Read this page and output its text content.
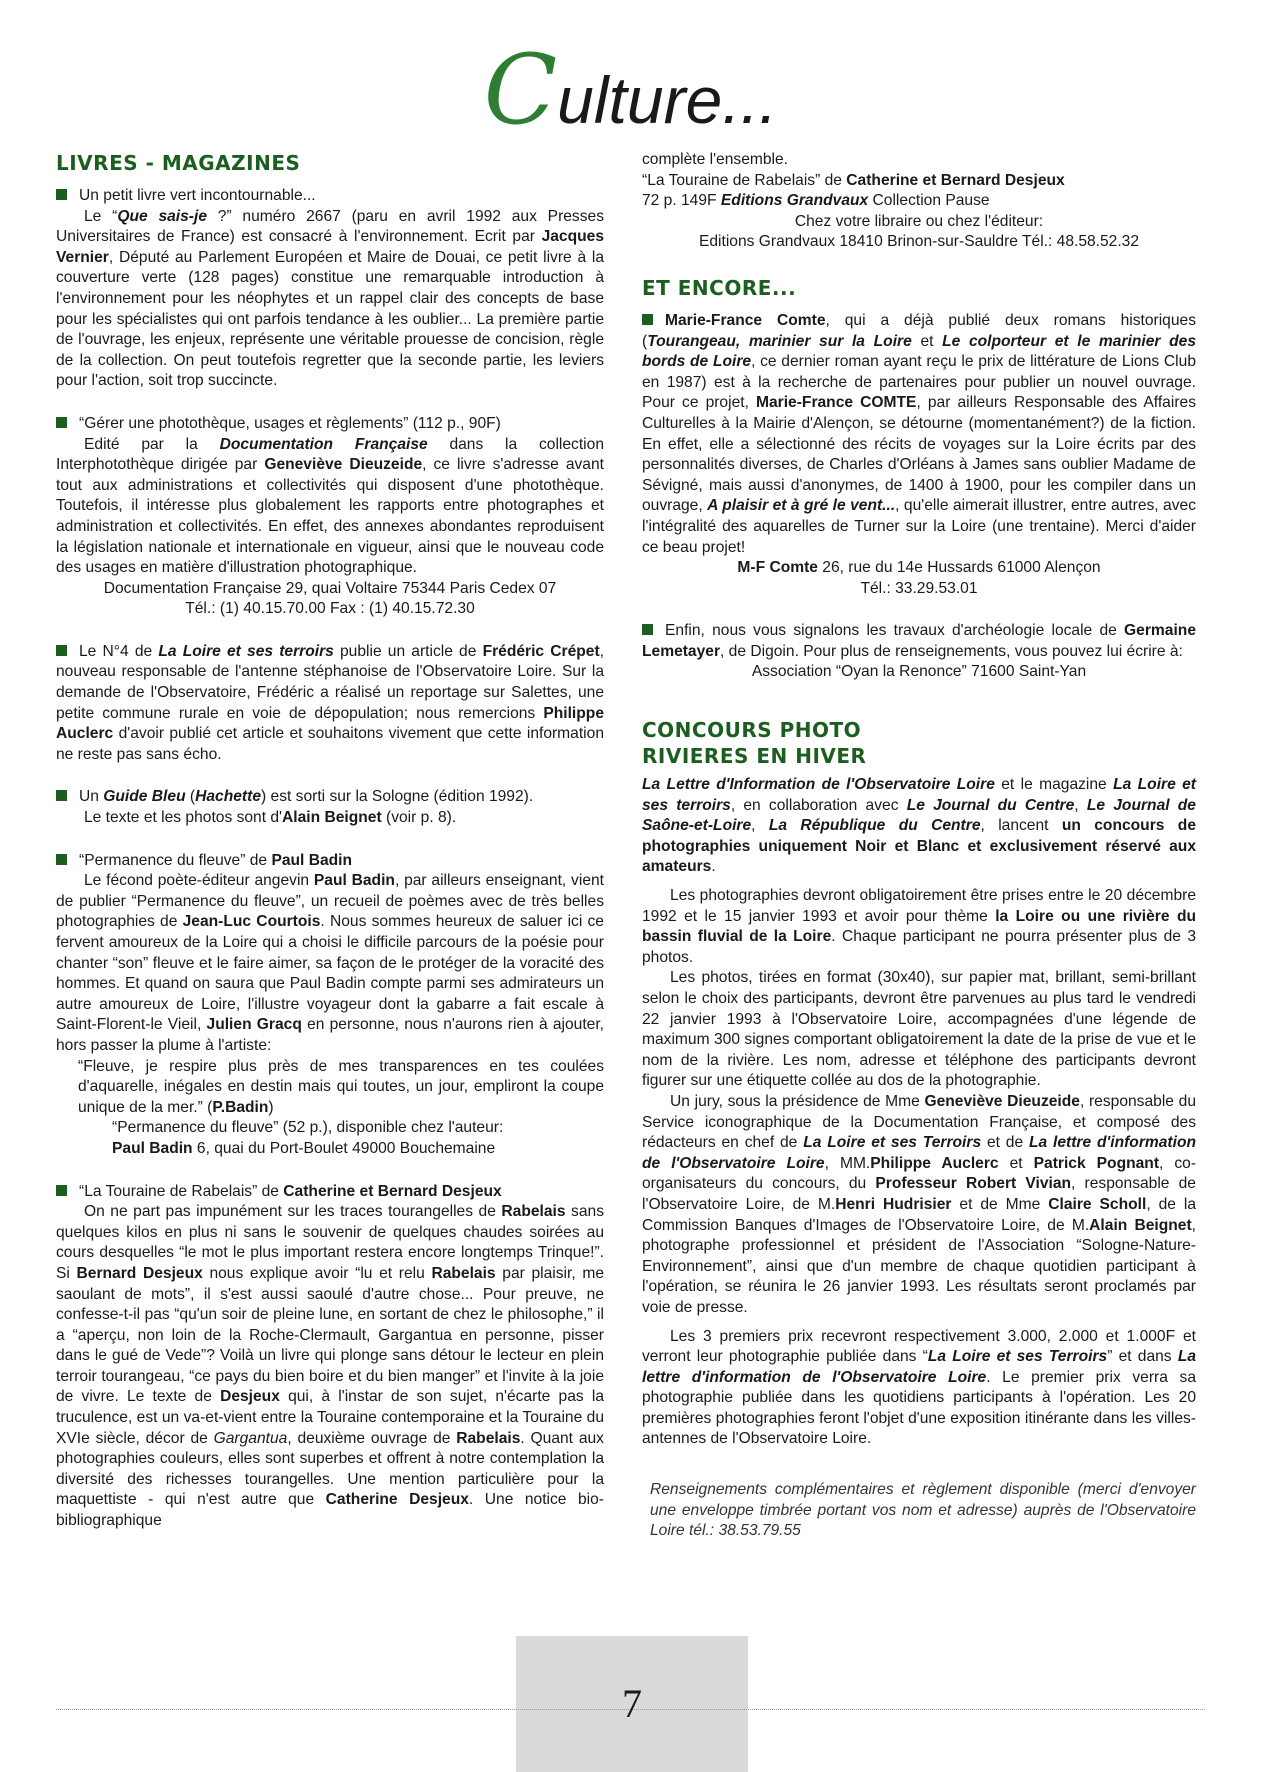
Culture...
LIVRES - MAGAZINES

Un petit livre vert incontournable...

Le “Que sais-je ?” numéro 2667 (paru en avril 1992 aux Presses Universitaires de France) est consacré à l'environnement. Ecrit par Jacques Vernier, Député au Parlement Européen et Maire de Douai, ce petit livre à la couverture verte (128 pages) constitue une remarquable introduction à l'environnement pour les néophytes et un rappel clair des concepts de base pour les spécialistes qui ont parfois tendance à les oublier... La première partie de l'ouvrage, les enjeux, représente une véritable prouesse de concision, règle de la collection. On peut toutefois regretter que la seconde partie, les leviers pour l'action, soit trop succincte.

“Gérer une photothèque, usages et règlements” (112 p., 90F)

Edité par la Documentation Française dans la collection Interphotothèque dirigée par Geneviève Dieuzeide, ce livre s'adresse avant tout aux administrations et collectivités qui disposent d'une photothèque. Toutefois, il intéresse plus globalement les rapports entre photographes et administration et collectivités. En effet, des annexes abondantes reproduisent la législation nationale et internationale en vigueur, ainsi que le nouveau code des usages en matière d'illustration photographique.

Documentation Française 29, quai Voltaire 75344 Paris Cedex 07

Tél.: (1) 40.15.70.00 Fax : (1) 40.15.72.30

Le N°4 de La Loire et ses terroirs publie un article de Frédéric Crépet, nouveau responsable de l'antenne stéphanoise de l'Observatoire Loire. Sur la demande de l'Observatoire, Frédéric a réalisé un reportage sur Salettes, une petite commune rurale en voie de dépopulation; nous remercions Philippe Auclerc d'avoir publié cet article et souhaitons vivement que cette information ne reste pas sans écho.

Un Guide Bleu (Hachette) est sorti sur la Sologne (édition 1992).

Le texte et les photos sont d'Alain Beignet (voir p. 8).

“Permanence du fleuve” de Paul Badin

Le fécond poète-éditeur angevin Paul Badin, par ailleurs enseignant, vient de publier “Permanence du fleuve”, un recueil de poèmes avec de très belles photographies de Jean-Luc Courtois. Nous sommes heureux de saluer ici ce fervent amoureux de la Loire qui a choisi le difficile parcours de la poésie pour chanter “son” fleuve et le faire aimer, sa façon de le protéger de la voracité des hommes. Et quand on saura que Paul Badin compte parmi ses admirateurs un autre amoureux de Loire, l'illustre voyageur dont la gabarre a fait escale à Saint-Florent-le Vieil, Julien Gracq en personne, nous n'aurons rien à ajouter, hors passer la plume à l'artiste:

“Fleuve, je respire plus près de mes transparences en tes coulées d'aquarelle, inégales en destin mais qui toutes, un jour, empliront la coupe unique de la mer.” (P.Badin)

“Permanence du fleuve” (52 p.), disponible chez l'auteur:

Paul Badin 6, quai du Port-Boulet 49000 Bouchemaine

“La Touraine de Rabelais” de Catherine et Bernard Desjeux

On ne part pas impunément sur les traces tourangelles de Rabelais sans quelques kilos en plus ni sans le souvenir de quelques chaudes soirées au cours desquelles “le mot le plus important restera encore longtemps Trinque!”. Si Bernard Desjeux nous explique avoir “lu et relu Rabelais par plaisir, me saoulant de mots”, il s'est aussi saoulé d'autre chose... Pour preuve, ne confesse-t-il pas “qu'un soir de pleine lune, en sortant de chez le philosophe,” il a “aperçu, non loin de la Roche-Clermault, Gargantua en personne, pisser dans le gué de Vede”? Voilà un livre qui plonge sans détour le lecteur en plein terroir tourangeau, “ce pays du bien boire et du bien manger” et l'invite à la joie de vivre. Le texte de Desjeux qui, à l'instar de son sujet, n'écarte pas la truculence, est un va-et-vient entre la Touraine contemporaine et la Touraine du XVIe siècle, décor de Gargantua, deuxième ouvrage de Rabelais. Quant aux photographies couleurs, elles sont superbes et offrent à notre contemplation la diversité des richesses tourangelles. Une mention particulière pour la maquettiste - qui n'est autre que Catherine Desjeux. Une notice bio-bibliographique

complète l'ensemble.

“La Touraine de Rabelais” de Catherine et Bernard Desjeux

72 p. 149F Editions Grandvaux Collection Pause

Chez votre libraire ou chez l'éditeur:

Editions Grandvaux 18410 Brinon-sur-Sauldre Tél.: 48.58.52.32

ET ENCORE...

Marie-France Comte, qui a déjà publié deux romans historiques (Tourangeau, marinier sur la Loire et Le colporteur et le marinier des bords de Loire, ce dernier roman ayant reçu le prix de littérature de Lions Club en 1987) est à la recherche de partenaires pour publier un nouvel ouvrage. Pour ce projet, Marie-France COMTE, par ailleurs Responsable des Affaires Culturelles à la Mairie d'Alençon, se détourne (momentanément?) de la fiction. En effet, elle a sélectionné des récits de voyages sur la Loire écrits par des personnalités diverses, de Charles d'Orléans à James sans oublier Madame de Sévigné, mais aussi d'anonymes, de 1400 à 1900, pour les compiler dans un ouvrage, A plaisir et à gré le vent..., qu'elle aimerait illustrer, entre autres, avec l'intégralité des aquarelles de Turner sur la Loire (une trentaine). Merci d'aider ce beau projet!

M-F Comte 26, rue du 14e Hussards 61000 Alençon

Tél.: 33.29.53.01

Enfin, nous vous signalons les travaux d'archéologie locale de Germaine Lemetayer, de Digoin. Pour plus de renseignements, vous pouvez lui écrire à:

Association “Oyan la Renonce” 71600 Saint-Yan

CONCOURS PHOTO
RIVIERES EN HIVER

La Lettre d'Information de l'Observatoire Loire et le magazine La Loire et ses terroirs, en collaboration avec Le Journal du Centre, Le Journal de Saône-et-Loire, La République du Centre, lancent un concours de photographies uniquement Noir et Blanc et exclusivement réservé aux amateurs.

Les photographies devront obligatoirement être prises entre le 20 décembre 1992 et le 15 janvier 1993 et avoir pour thème la Loire ou une rivière du bassin fluvial de la Loire. Chaque participant ne pourra présenter plus de 3 photos.

Les photos, tirées en format (30x40), sur papier mat, brillant, semi-brillant selon le choix des participants, devront être parvenues au plus tard le vendredi 22 janvier 1993 à l'Observatoire Loire, accompagnées d'une légende de maximum 300 signes comportant obligatoirement la date de la prise de vue et le nom de la rivière. Les nom, adresse et téléphone des participants devront figurer sur une étiquette collée au dos de la photographie.

Un jury, sous la présidence de Mme Geneviève Dieuzeide, responsable du Service iconographique de la Documentation Française, et composé des rédacteurs en chef de La Loire et ses Terroirs et de La lettre d'information de l'Observatoire Loire, MM.Philippe Auclerc et Patrick Pognant, co-organisateurs du concours, du Professeur Robert Vivian, responsable de l'Observatoire Loire, de M.Henri Hudrisier et de Mme Claire Scholl, de la Commission Banques d'Images de l'Observatoire Loire, de M.Alain Beignet, photographe professionnel et président de l'Association “Sologne-Nature-Environnement”, ainsi que d'un membre de chaque quotidien participant à l'opération, se réunira le 26 janvier 1993. Les résultats seront proclamés par voie de presse.

Les 3 premiers prix recevront respectivement 3.000, 2.000 et 1.000F et verront leur photographie publiée dans “La Loire et ses Terroirs” et dans La lettre d'information de l'Observatoire Loire. Le premier prix verra sa photographie publiée dans les quotidiens participants à l'opération. Les 20 premières photographies feront l'objet d'une exposition itinérante dans les villes-antennes de l'Observatoire Loire.

Renseignements complémentaires et règlement disponible (merci d'envoyer une enveloppe timbrée portant vos nom et adresse) auprès de l'Observatoire Loire tél.: 38.53.79.55

7
